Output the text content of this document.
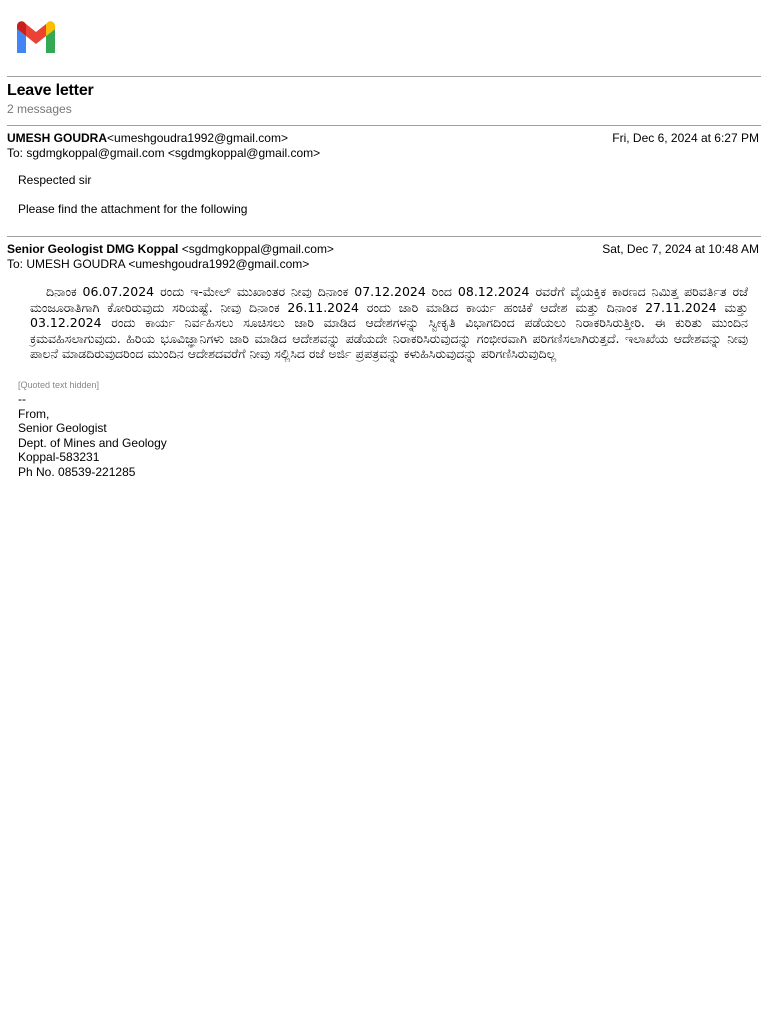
Leave letter
2 messages
UMESH GOUDRA<umeshgoudra1992@gmail.com>
To: sgdmgkoppal@gmail.com <sgdmgkoppal@gmail.com>
Fri, Dec 6, 2024 at 6:27 PM
Respected sir
Please find the attachment for the following
Senior Geologist DMG Koppal <sgdmgkoppal@gmail.com>
To: UMESH GOUDRA <umeshgoudra1992@gmail.com>
Sat, Dec 7, 2024 at 10:48 AM
ದಿನಾಂಕ 06.07.2024 ರಂದು ಇ-ಮೇಲ್ ಮುಖಾಂತರ ನೀವು ದಿನಾಂಕ 07.12.2024 ರಿಂದ 08.12.2024 ರವರೆಗೆ ವೈಯಕ್ತಿಕ ಕಾರಣದ ನಿಮಿತ್ತ ಪರಿವರ್ತಿತ ರಜೆ ಮಂಜೂರಾತಿಗಾಗಿ ಕೋರಿರುವುದು ಸರಿಯಷ್ಟೆ. ನೀವು ದಿನಾಂಕ 26.11.2024 ರಂದು ಜಾರಿ ಮಾಡಿದ ಕಾರ್ಯ ಹಂಚಿಕೆ ಆದೇಶ ಮತ್ತು ದಿನಾಂಕ 27.11.2024 ಮತ್ತು 03.12.2024 ರಂದು ಕಾರ್ಯ ನಿರ್ವಹಿಸಲು ಸೂಚಿಸಲು ಜಾರಿ ಮಾಡಿದ ಆದೇಶಗಳನ್ನು ಸ್ವೀಕೃತಿ ವಿಭಾಗದಿಂದ ಪಡೆಯಲು ನಿರಾಕರಿಸಿರುತ್ತೀರಿ. ಈ ಕುರಿತು ಮುಂದಿನ ಕ್ರಮವಹಿಸಲಾಗುವುದು. ಹಿರಿಯ ಭೂವಿಜ್ಞಾನಿಗಳು ಜಾರಿ ಮಾಡಿದ ಆದೇಶವನ್ನು ಪಡೆಯದೇ ನಿರಾಕರಿಸಿರುವುದನ್ನು ಗಂಭೀರವಾಗಿ ಪರಿಗಣಿಸಲಾಗಿರುತ್ತದೆ. ಇಲಾಖೆಯ ಆದೇಶವನ್ನು ನೀವು ಪಾಲನೆ ಮಾಡದಿರುವುದರಿಂದ ಮುಂದಿನ ಆದೇಶದವರೆಗೆ ನೀವು ಸಲ್ಲಿಸಿದ ರಜೆ ಅರ್ಜಿ ಪ್ರಪತ್ರವನ್ನು ಕಳುಹಿಸಿರುವುದನ್ನು ಪರಿಗಣಿಸಿರುವುದಿಲ್ಲ
[Quoted text hidden]
--
From,
Senior Geologist
Dept. of Mines and Geology
Koppal-583231
Ph No. 08539-221285
